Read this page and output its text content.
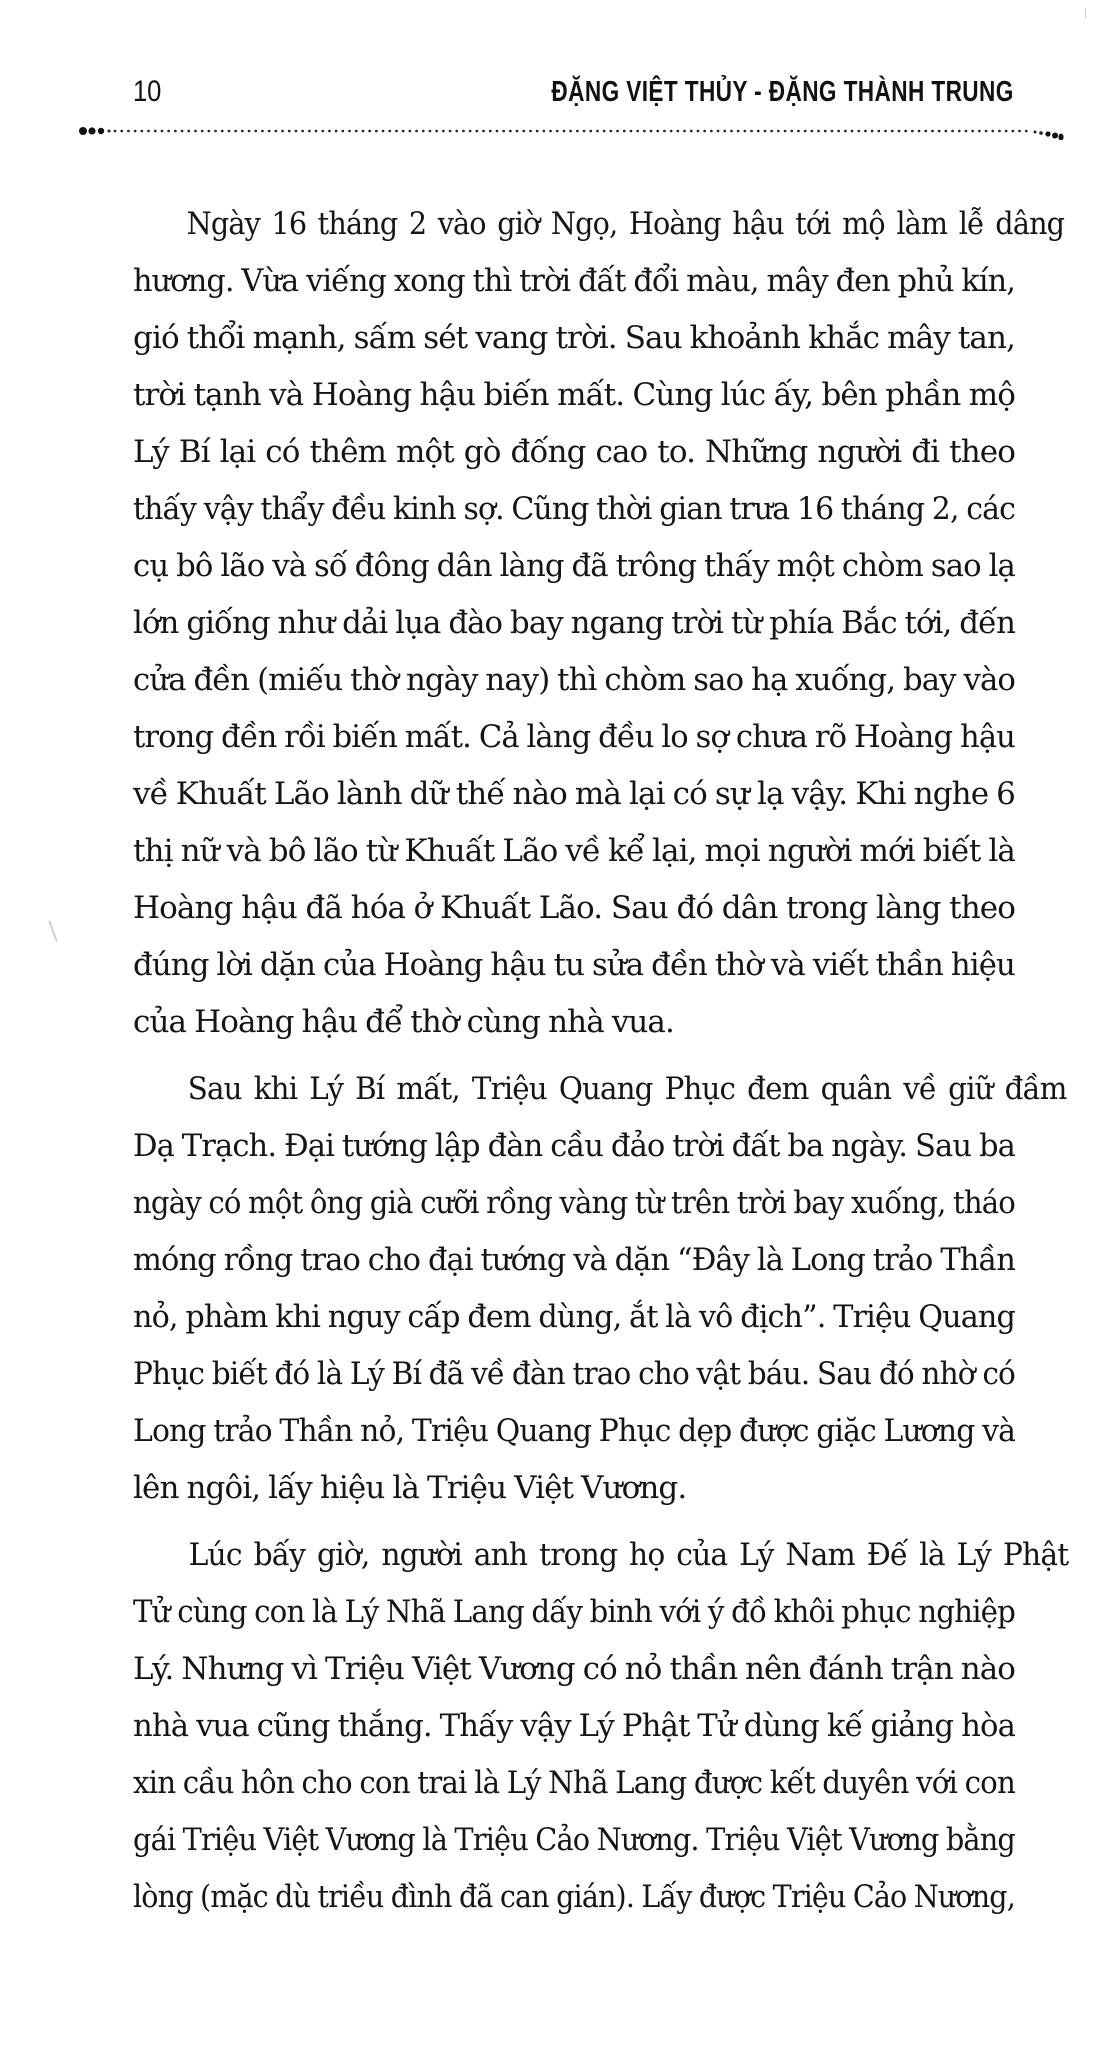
10	ĐẶNG VIỆT THỦY - ĐẶNG THÀNH TRUNG
Ngày 16 tháng 2 vào giờ Ngọ, Hoàng hậu tới mộ làm lễ dâng
hương. Vừa viếng xong thì trời đất đổi màu, mây đen phủ kín,
gió thổi mạnh, sấm sét vang trời. Sau khoảnh khắc mây tan,
trời tạnh và Hoàng hậu biến mất. Cùng lúc ấy, bên phần mộ
Lý Bí lại có thêm một gò đống cao to. Những người đi theo
thấy vậy thẩy đều kinh sợ. Cũng thời gian trưa 16 tháng 2, các
cụ bô lão và số đông dân làng đã trông thấy một chòm sao lạ
lớn giống như dải lụa đào bay ngang trời từ phía Bắc tới, đến
cửa đền (miếu thờ ngày nay) thì chòm sao hạ xuống, bay vào
trong đền rồi biến mất. Cả làng đều lo sợ chưa rõ Hoàng hậu
về Khuất Lão lành dữ thế nào mà lại có sự lạ vậy. Khi nghe 6
thị nữ và bô lão từ Khuất Lão về kể lại, mọi người mới biết là
Hoàng hậu đã hóa ở Khuất Lão. Sau đó dân trong làng theo
đúng lời dặn của Hoàng hậu tu sửa đền thờ và viết thần hiệu
của Hoàng hậu để thờ cùng nhà vua.
Sau khi Lý Bí mất, Triệu Quang Phục đem quân về giữ đầm
Dạ Trạch. Đại tướng lập đàn cầu đảo trời đất ba ngày. Sau ba
ngày có một ông già cưỡi rồng vàng từ trên trời bay xuống, tháo
móng rồng trao cho đại tướng và dặn “Đây là Long trảo Thần
nỏ, phàm khi nguy cấp đem dùng, ắt là vô địch”. Triệu Quang
Phục biết đó là Lý Bí đã về đàn trao cho vật báu. Sau đó nhờ có
Long trảo Thần nỏ, Triệu Quang Phục dẹp được giặc Lương và
lên ngôi, lấy hiệu là Triệu Việt Vương.
Lúc bấy giờ, người anh trong họ của Lý Nam Đế là Lý Phật
Tử cùng con là Lý Nhã Lang dấy binh với ý đồ khôi phục nghiệp
Lý. Nhưng vì Triệu Việt Vương có nỏ thần nên đánh trận nào
nhà vua cũng thắng. Thấy vậy Lý Phật Tử dùng kế giảng hòa
xin cầu hôn cho con trai là Lý Nhã Lang được kết duyên với con
gái Triệu Việt Vương là Triệu Cảo Nương. Triệu Việt Vương bằng
lòng (mặc dù triều đình đã can gián). Lấy được Triệu Cảo Nương,
